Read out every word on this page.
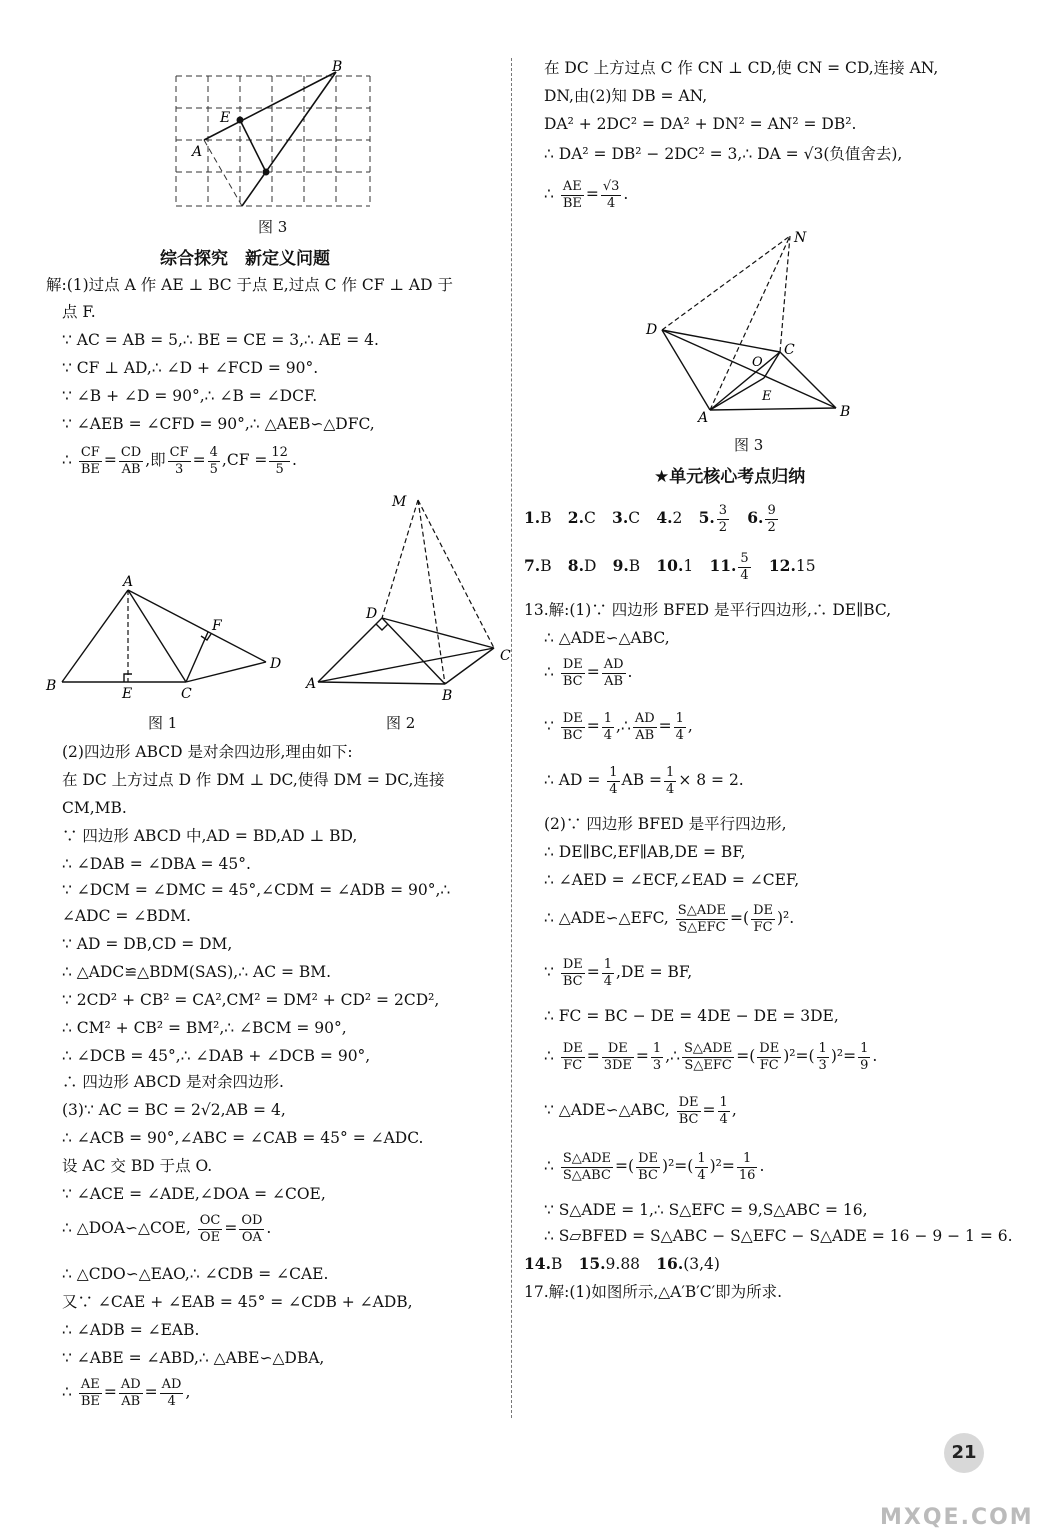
B
E
A
图 3
综合探究　新定义问题
解:(1)过点 A 作 AE ⊥ BC 于点 E,过点 C 作 CF ⊥ AD 于
点 F.
∵ AC = AB = 5,∴ BE = CE = 3,∴ AE = 4.
∵ CF ⊥ AD,∴ ∠D + ∠FCD = 90°.
∵ ∠B + ∠D = 90°,∴ ∠B = ∠DCF.
∵ ∠AEB = ∠CFD = 90°,∴ △AEB∽△DFC,
∴ $\frac{CF}{BE} = \frac{CD}{AB}$ ,即 $\frac{CF}{3} = \frac{4}{5} ,CF = \frac{12}{5}$ .
A
B	E	C
F
D
图 1
M
D
A
B
C
图 2
(2)四边形 ABCD 是对余四边形,理由如下:
在 DC 上方过点 D 作 DM ⊥ DC,使得 DM = DC,连接
CM,MB.
∵ 四边形 ABCD 中,AD = BD,AD ⊥ BD,
∴ ∠DAB = ∠DBA = 45°.
∵ ∠DCM = ∠DMC = 45°,∠CDM = ∠ADB = 90°,∴
∠ADC = ∠BDM.
∵ AD = DB,CD = DM,
∴ △ADC≌△BDM(SAS),∴ AC = BM.
∵ 2CD² + CB² = CA²,CM² = DM² + CD² = 2CD²,
∴ CM² + CB² = BM²,∴ ∠BCM = 90°,
∴ ∠DCB = 45°,∴ ∠DAB + ∠DCB = 90°,
∴ 四边形 ABCD 是对余四边形.
(3)∵ AC = BC = 2√2,AB = 4,
∴ ∠ACB = 90°,∠ABC = ∠CAB = 45° = ∠ADC.
设 AC 交 BD 于点 O.
∵ ∠ACE = ∠ADE,∠DOA = ∠COE,
∴ △DOA∽△COE, $\frac{OC}{OE} = \frac{OD}{OA}$ .
∴ △CDO∽△EAO,∴ ∠CDB = ∠CAE.
又∵ ∠CAE + ∠EAB = 45° = ∠CDB + ∠ADB,
∴ ∠ADB = ∠EAB.
∵ ∠ABE = ∠ABD,∴ △ABE∽△DBA,
∴ $\frac{AE}{BE} = \frac{AD}{AB} = \frac{AD}{4}$ ,
在 DC 上方过点 C 作 CN ⊥ CD,使 CN = CD,连接 AN,
DN,由(2)知 DB = AN,
DA² + 2DC² = DA² + DN² = AN² = DB².
∴ DA² = DB² − 2DC² = 3,∴ DA = √3(负值舍去),
∴ $\frac{AE}{BE} = \frac{√3}{4}$ .
N
D
O
C
E
A	B
图 3
★单元核心考点归纳
1.B 2.C 3.C 4.2 5. $\frac{3}{2} 6$. $\frac{9}{2}$
7.B 8.D 9.B 10.1 11. $\frac{5}{4} 12.15$
13.解:(1)∵ 四边形 BFED 是平行四边形,∴ DE∥BC,
∴ △ADE∽△ABC,
∴ $\frac{DE}{BC} = \frac{AD}{AB}$ .
∵ $\frac{DE}{BC} = \frac{1}{4}$ ,∴ $\frac{AD}{AB} = \frac{1}{4}$ ,
∴ AD = $\frac{1}{4}$ AB = $\frac{1}{4} \times 8 = 2$.
(2)∵ 四边形 BFED 是平行四边形,
∴ DE∥BC,EF∥AB,DE = BF,
∴ ∠AED = ∠ECF,∠EAD = ∠CEF,
∴ △ADE∽△EFC, $\frac{\text{S△ADE}}{\text{S△EFC}}$ =( $\frac{DE}{FC} )^2$.
∵ $\frac{DE}{BC} = \frac{1}{4} ,DE$ = BF,
∴ FC = BC − DE = 4DE − DE = 3DE,
∴ $\frac{DE}{FC} = \frac{DE}{3DE} = \frac{1}{3}$ ,∴ $\frac{\text{S△ADE}}{\text{S△EFC}}$ =( $\frac{DE}{FC} )^2=( \frac{1}{3} )^2= \frac{1}{9}$ .
∵ △ADE∽△ABC, $\frac{DE}{BC} = \frac{1}{4}$ ,
∴ $\frac{\text{S△ADE}}{\text{S△ABC}}$ =( $\frac{DE}{BC} )^2=( \frac{1}{4} )^2= \frac{1}{16}$ .
∵ S△ADE = 1,∴ S△EFC = 9,S△ABC = 16,
∴ S▱BFED = S△ABC − S△EFC − S△ADE = 16 − 9 − 1 = 6.
14.B 15.9.88 16.(3,4)
17.解:(1)如图所示,△A′B′C′即为所求.
21
MXQE.COM
